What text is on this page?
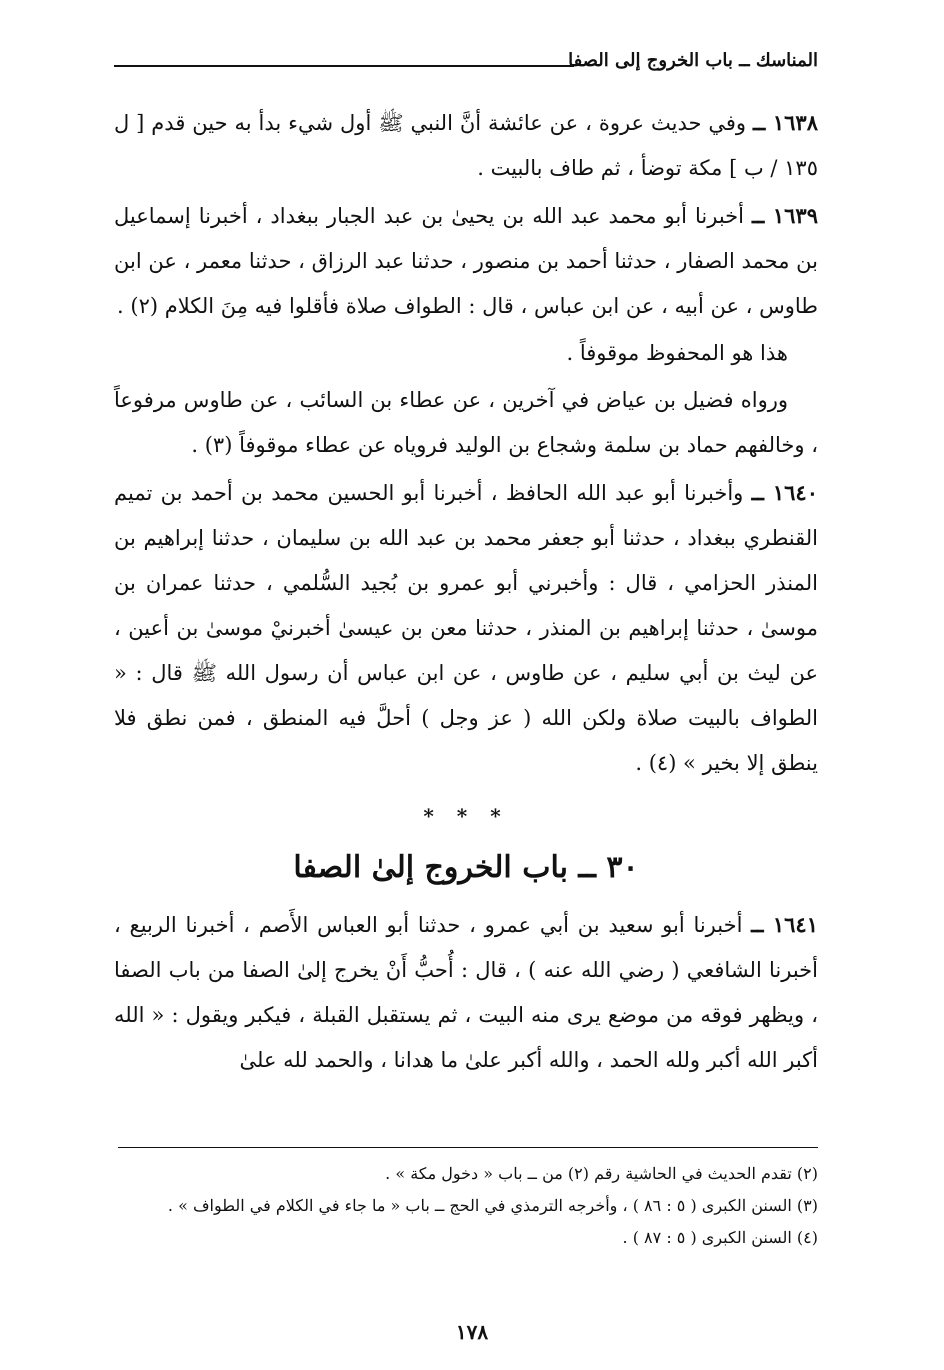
المناسك ــ باب الخروج إلى الصفا

١٦٣٨ ــ وفي حديث عروة ، عن عائشة أنَّ النبي ﷺ أول شيء بدأ به حين قدم [ ل ١٣٥ / ب ] مكة توضأ ، ثم طاف بالبيت .

١٦٣٩ ــ أخبرنا أبو محمد عبد الله بن يحيىٰ بن عبد الجبار ببغداد ، أخبرنا إسماعيل بن محمد الصفار ، حدثنا أحمد بن منصور ، حدثنا عبد الرزاق ، حدثنا معمر ، عن ابن طاوس ، عن أبيه ، عن ابن عباس ، قال : الطواف صلاة فأقلوا فيه مِنَ الكلام (٢) .

هذا هو المحفوظ موقوفاً .

ورواه فضيل بن عياض في آخرين ، عن عطاء بن السائب ، عن طاوس مرفوعاً ، وخالفهم حماد بن سلمة وشجاع بن الوليد فروياه عن عطاء موقوفاً (٣) .

١٦٤٠ ــ وأخبرنا أبو عبد الله الحافظ ، أخبرنا أبو الحسين محمد بن أحمد بن تميم القنطري ببغداد ، حدثنا أبو جعفر محمد بن عبد الله بن سليمان ، حدثنا إبراهيم بن المنذر الحزامي ، قال : وأخبرني أبو عمرو بن بُجيد السُّلمي ، حدثنا عمران بن موسىٰ ، حدثنا إبراهيم بن المنذر ، حدثنا معن بن عيسىٰ أخبرنيْ موسىٰ بن أعين ، عن ليث بن أبي سليم ، عن طاوس ، عن ابن عباس أن رسول الله ﷺ قال : « الطواف بالبيت صلاة ولكن الله ( عز وجل ) أحلَّ فيه المنطق ، فمن نطق فلا ينطق إلا بخير » (٤) .

* * *
٣٠ ــ باب الخروج إلىٰ الصفا

١٦٤١ ــ أخبرنا أبو سعيد بن أبي عمرو ، حدثنا أبو العباس الأَصم ، أخبرنا الربيع ، أخبرنا الشافعي ( رضي الله عنه ) ، قال : أُحبُّ أَنْ يخرج إلىٰ الصفا من باب الصفا ، ويظهر فوقه من موضع يرى منه البيت ، ثم يستقبل القبلة ، فيكبر ويقول : « الله أكبر الله أكبر ولله الحمد ، والله أكبر علىٰ ما هدانا ، والحمد لله علىٰ

(٢) تقدم الحديث في الحاشية رقم (٢) من ــ باب « دخول مكة » .
(٣) السنن الكبرى ( ٥ : ٨٦ ) ، وأخرجه الترمذي في الحج ــ باب « ما جاء في الكلام في الطواف » .
(٤) السنن الكبرى ( ٥ : ٨٧ ) .
١٧٨
